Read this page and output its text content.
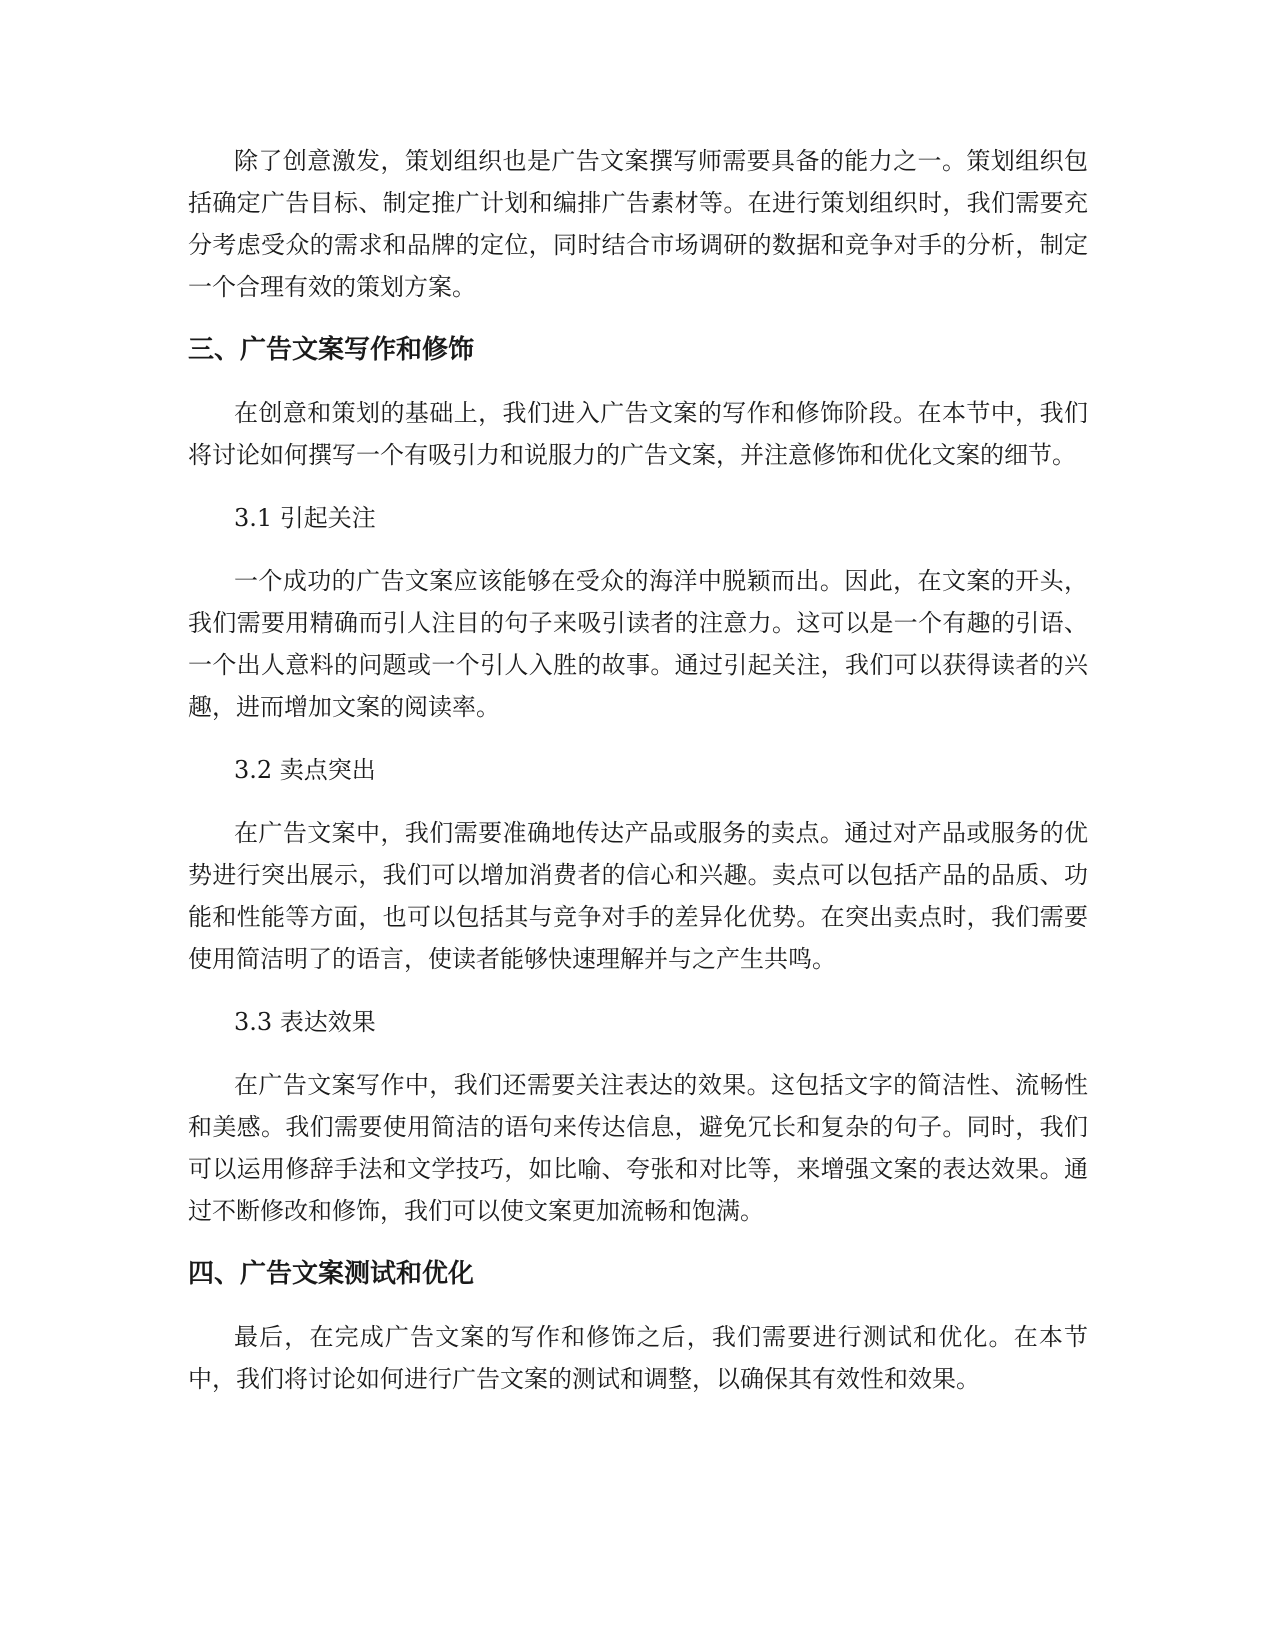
除了创意激发，策划组织也是广告文案撰写师需要具备的能力之一。策划组织包括确定广告目标、制定推广计划和编排广告素材等。在进行策划组织时，我们需要充分考虑受众的需求和品牌的定位，同时结合市场调研的数据和竞争对手的分析，制定一个合理有效的策划方案。

三、广告文案写作和修饰

在创意和策划的基础上，我们进入广告文案的写作和修饰阶段。在本节中，我们将讨论如何撰写一个有吸引力和说服力的广告文案，并注意修饰和优化文案的细节。

3.1 引起关注

一个成功的广告文案应该能够在受众的海洋中脱颖而出。因此，在文案的开头，我们需要用精确而引人注目的句子来吸引读者的注意力。这可以是一个有趣的引语、一个出人意料的问题或一个引人入胜的故事。通过引起关注，我们可以获得读者的兴趣，进而增加文案的阅读率。

3.2 卖点突出

在广告文案中，我们需要准确地传达产品或服务的卖点。通过对产品或服务的优势进行突出展示，我们可以增加消费者的信心和兴趣。卖点可以包括产品的品质、功能和性能等方面，也可以包括其与竞争对手的差异化优势。在突出卖点时，我们需要使用简洁明了的语言，使读者能够快速理解并与之产生共鸣。

3.3 表达效果

在广告文案写作中，我们还需要关注表达的效果。这包括文字的简洁性、流畅性和美感。我们需要使用简洁的语句来传达信息，避免冗长和复杂的句子。同时，我们可以运用修辞手法和文学技巧，如比喻、夸张和对比等，来增强文案的表达效果。通过不断修改和修饰，我们可以使文案更加流畅和饱满。

四、广告文案测试和优化

最后，在完成广告文案的写作和修饰之后，我们需要进行测试和优化。在本节中，我们将讨论如何进行广告文案的测试和调整，以确保其有效性和效果。
